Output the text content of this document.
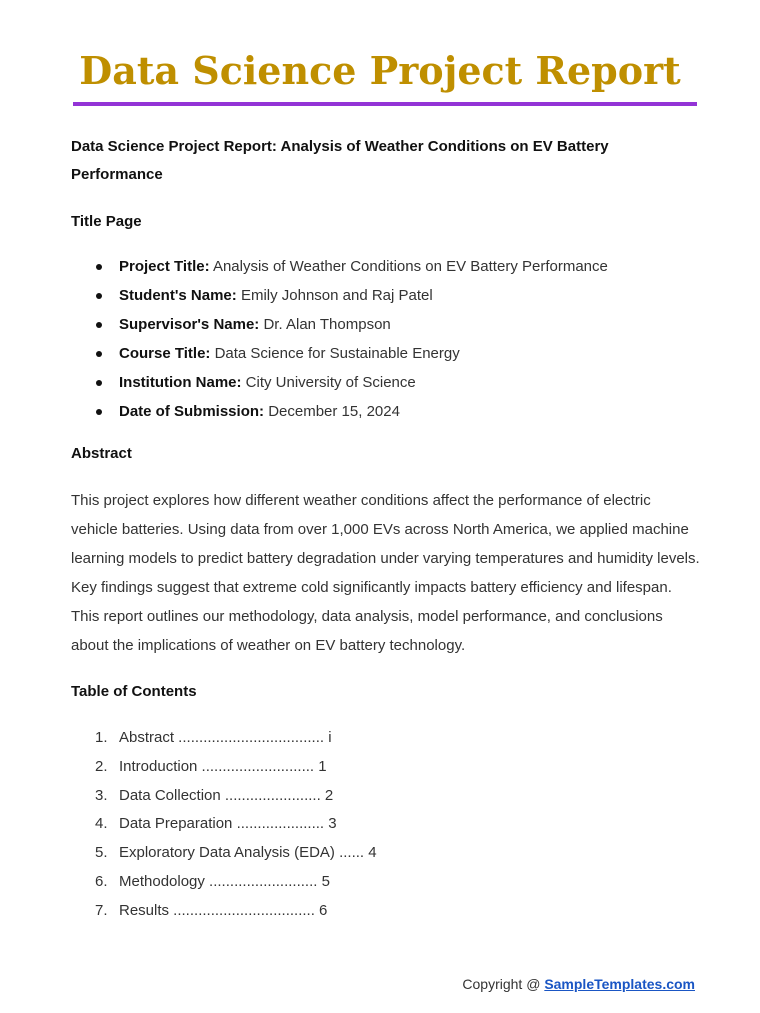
Data Science Project Report

Data Science Project Report: Analysis of Weather Conditions on EV Battery Performance

Title Page

Project Title: Analysis of Weather Conditions on EV Battery Performance
Student's Name: Emily Johnson and Raj Patel
Supervisor's Name: Dr. Alan Thompson
Course Title: Data Science for Sustainable Energy
Institution Name: City University of Science
Date of Submission: December 15, 2024

Abstract

This project explores how different weather conditions affect the performance of electric vehicle batteries. Using data from over 1,000 EVs across North America, we applied machine learning models to predict battery degradation under varying temperatures and humidity levels. Key findings suggest that extreme cold significantly impacts battery efficiency and lifespan. This report outlines our methodology, data analysis, model performance, and conclusions about the implications of weather on EV battery technology.

Table of Contents

1. Abstract ................................... i
2. Introduction ........................... 1
3. Data Collection ....................... 2
4. Data Preparation ..................... 3
5. Exploratory Data Analysis (EDA) ...... 4
6. Methodology .......................... 5
7. Results .................................. 6
Copyright @ SampleTemplates.com
